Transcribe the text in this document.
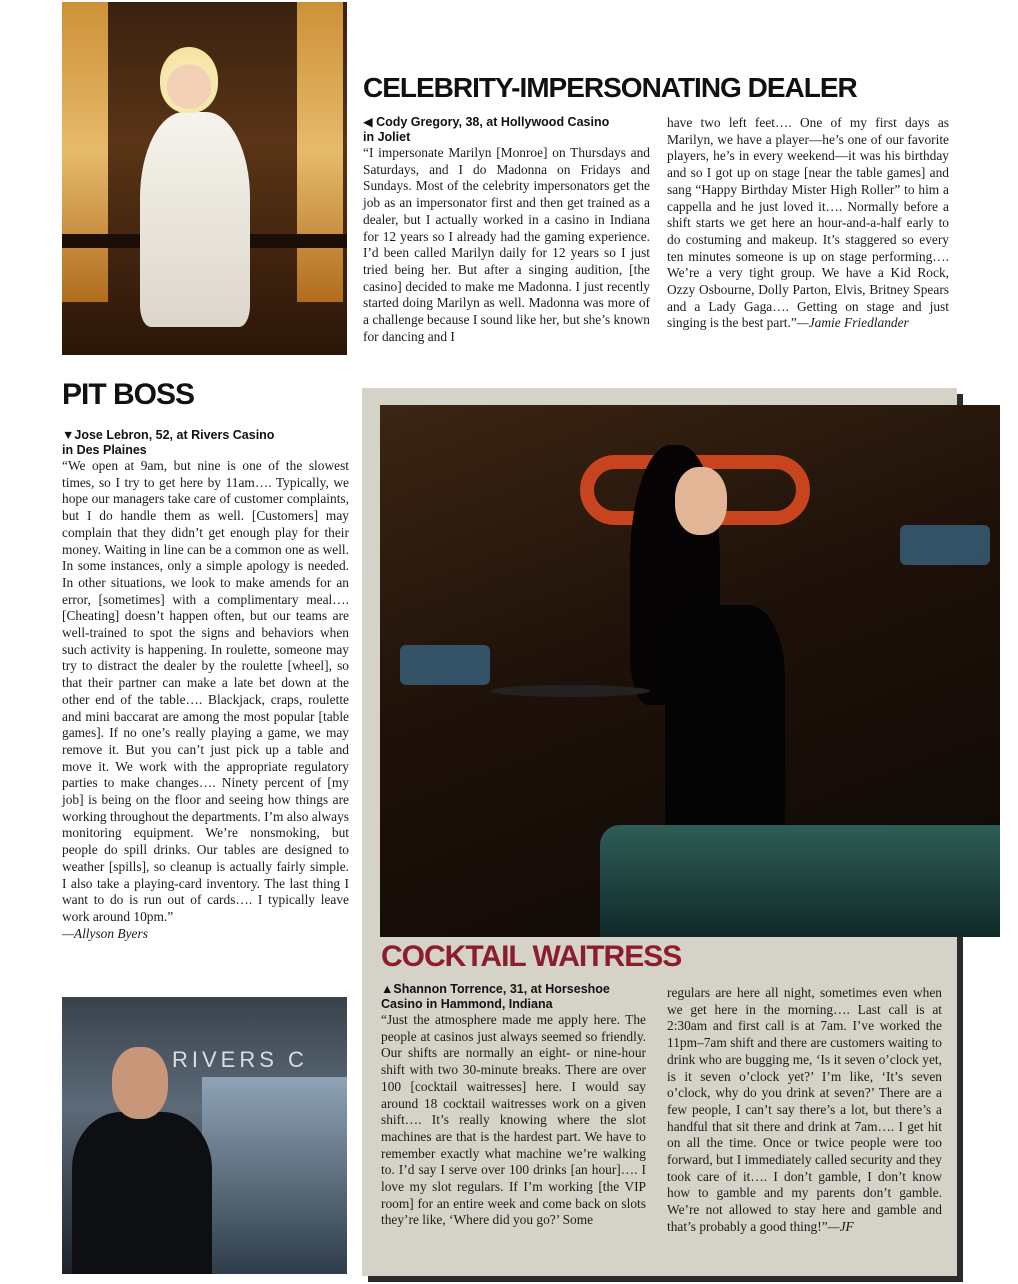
CELEBRITY-IMPERSONATING DEALER
◀ Cody Gregory, 38, at Hollywood Casino
in Joliet

“I impersonate Marilyn [Monroe] on Thursdays and Saturdays, and I do Madonna on Fridays and Sundays. Most of the celebrity impersonators get the job as an impersonator first and then get trained as a dealer, but I actually worked in a casino in Indiana for 12 years so I already had the gaming experience. I’d been called Marilyn daily for 12 years so I just tried being her. But after a singing audition, [the casino] decided to make me Madonna. I just recently started doing Marilyn as well. Madonna was more of a challenge because I sound like her, but she’s known for dancing and I

have two left feet…. One of my first days as Marilyn, we have a player—he’s one of our favorite players, he’s in every weekend—it was his birthday and so I got up on stage [near the table games] and sang “Happy Birthday Mister High Roller” to him a cappella and he just loved it…. Normally before a shift starts we get here an hour-and-a-half early to do costuming and makeup. It’s staggered so every ten minutes someone is up on stage performing…. We’re a very tight group. We have a Kid Rock, Ozzy Osbourne, Dolly Parton, Elvis, Britney Spears and a Lady Gaga…. Getting on stage and just singing is the best part.”—Jamie Friedlander

PIT BOSS
▼Jose Lebron, 52, at Rivers Casino
in Des Plaines

“We open at 9am, but nine is one of the slowest times, so I try to get here by 11am…. Typically, we hope our managers take care of customer complaints, but I do handle them as well. [Customers] may complain that they didn’t get enough play for their money. Waiting in line can be a common one as well. In some instances, only a simple apology is needed. In other situations, we look to make amends for an error, [sometimes] with a complimentary meal…. [Cheating] doesn’t happen often, but our teams are well-trained to spot the signs and behaviors when such activity is happening. In roulette, someone may try to distract the dealer by the roulette [wheel], so that their partner can make a late bet down at the other end of the table…. Blackjack, craps, roulette and mini baccarat are among the most popular [table games]. If no one’s really playing a game, we may remove it. But you can’t just pick up a table and move it. We work with the appropriate regulatory parties to make changes…. Ninety percent of [my job] is being on the floor and seeing how things are working throughout the departments. I’m also always monitoring equipment. We’re nonsmoking, but people do spill drinks. Our tables are designed to weather [spills], so cleanup is actually fairly simple. I also take a playing-card inventory. The last thing I want to do is run out of cards…. I typically leave work around 10pm.”

—Allyson Byers

RIVERS C
COCKTAIL WAITRESS
▲Shannon Torrence, 31, at Horseshoe
Casino in Hammond, Indiana

“Just the atmosphere made me apply here. The people at casinos just always seemed so friendly. Our shifts are normally an eight- or nine-hour shift with two 30-minute breaks. There are over 100 [cocktail waitresses] here. I would say around 18 cocktail waitresses work on a given shift…. It’s really knowing where the slot machines are that is the hardest part. We have to remember exactly what machine we’re walking to. I’d say I serve over 100 drinks [an hour]…. I love my slot regulars. If I’m working [the VIP room] for an entire week and come back on slots they’re like, ‘Where did you go?’ Some

regulars are here all night, sometimes even when we get here in the morning…. Last call is at 2:30am and first call is at 7am. I’ve worked the 11pm–7am shift and there are customers waiting to drink who are bugging me, ‘Is it seven o’clock yet, is it seven o’clock yet?’ I’m like, ‘It’s seven o’clock, why do you drink at seven?’ There are a few people, I can’t say there’s a lot, but there’s a handful that sit there and drink at 7am…. I get hit on all the time. Once or twice people were too forward, but I immediately called security and they took care of it…. I don’t gamble, I don’t know how to gamble and my parents don’t gamble. We’re not allowed to stay here and gamble and that’s probably a good thing!”—JF
